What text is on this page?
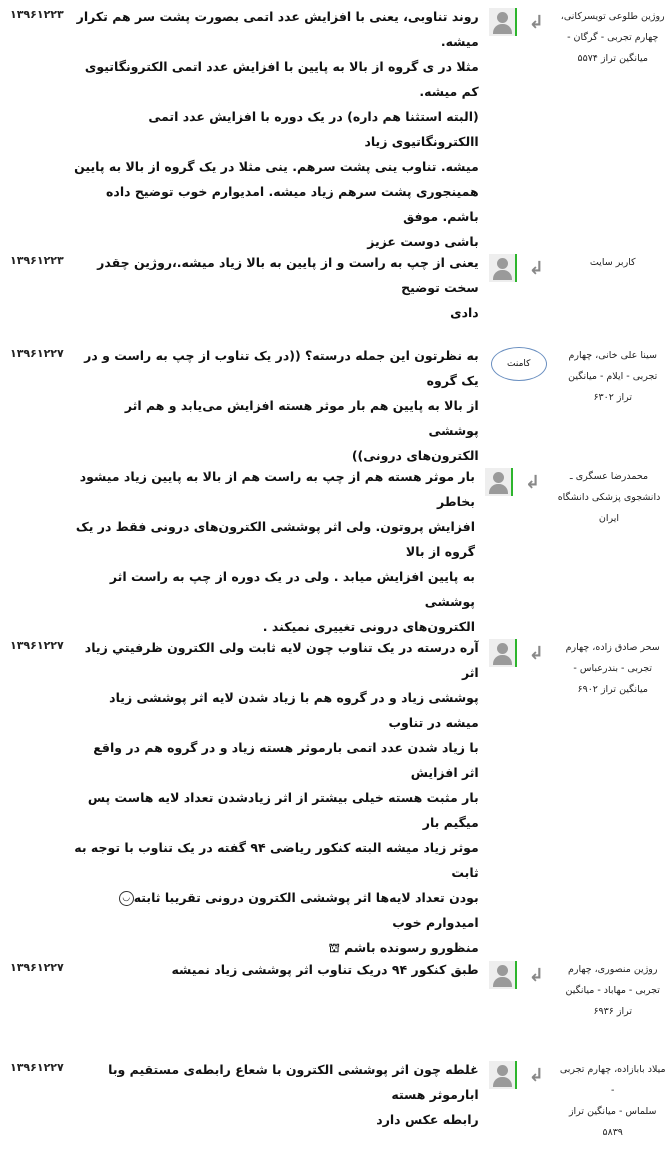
۱۳۹۶۱۲۲۳ روند تناوبی، یعنی با افزایش عدد اتمی بصورت پشت سر هم تکرار میشه.
مثلا در ی گروه از بالا به پایین با افزایش عدد اتمی الکترونگاتیوی کم میشه.
(البته استثنا هم داره) در یک دوره با افزایش عدد اتمی االکترونگاتیوی زیاد
میشه. تناوب ینی پشت سرهم. ینی مثلا در یک گروه از بالا به پایین
همینجوری پشت سرهم زیاد میشه. امدیوارم خوب توضیح داده باشم. موفق
باشی دوست عزیز
↲ روژین طلوعی تویسرکانی،
چهارم تجربی - گرگان -
میانگین تراز ۵۵۷۴
۱۳۹۶۱۲۲۳	یعنی از چپ به راست و از پایین به بالا زیاد میشه.،روژین چقدر سخت توضیح
دادی
↲	کاربر سایت
۱۳۹۶۱۲۲۷	به نظرتون این جمله درسته؟ ((در یک تناوب از چپ به راست و در یک گروه
از بالا به پایین هم بار موثر هسته افزایش می‌یابد و هم اثر پوششی
الکترون‌های درونی))
کامنت
سینا علی خانی، چهارم
تجربی - ایلام - میانگین
تراز ۶۳۰۲
بار موثر هسته هم از چپ به راست هم از بالا به پایین زیاد میشود بخاطر
افزایش پروتون. ولی اثر پوششی الکترون‌های درونی فقط در یک گروه از بالا
به پایین افزایش میابد . ولی در یک دوره از چپ به راست اثر پوششی
الکترون‌های درونی تغییری نمیکند .
↲	محمدرضا عسگری ـ
دانشجوی پزشکی دانشگاه
ایران
۱۳۹۶۱۲۲۷	آره درسته در یک تناوب چون لایه ثابت ولی الکترون ظرفیتي زیاد اثر
پوششی زیاد و در گروه هم با زیاد شدن لایه اثر پوششی زیاد میشه در تناوب
با زیاد شدن عدد اتمی بارموثر هسته زیاد و در گروه هم در واقع اثر افزایش
بار مثبت هسته خیلی بیشتر از اثر زیادشدن تعداد لایه هاست پس میگیم بار
موثر زیاد میشه البته کنکور ریاضی ۹۴ گفته در یک تناوب با توجه به ثابت
بودن تعداد لایه‌ها اثر پوششی الکترون درونی تقریبا ثابته◡امیدوارم خوب
منظورو رسونده باشم ⛫
↲	سحر صادق زاده، چهارم
تجربی - بندرعباس -
میانگین تراز ۶۹۰۲
۱۳۹۶۱۲۲۷	طبق کنکور ۹۴ دریک تناوب اثر پوششی زیاد نمیشه	↲	روژین منصوری، چهارم
تجربی - مهاباد - میانگین
تراز ۶۹۳۶
۱۳۹۶۱۲۲۷	غلطه چون اثر پوششی الکترون با شعاع رابطه‌ی مستقیم وبا ابارموثر هسته
رابطه عکس دارد
↲ میلاد بابازاده، چهارم تجربی -
سلماس - میانگین تراز
۵۸۳۹
